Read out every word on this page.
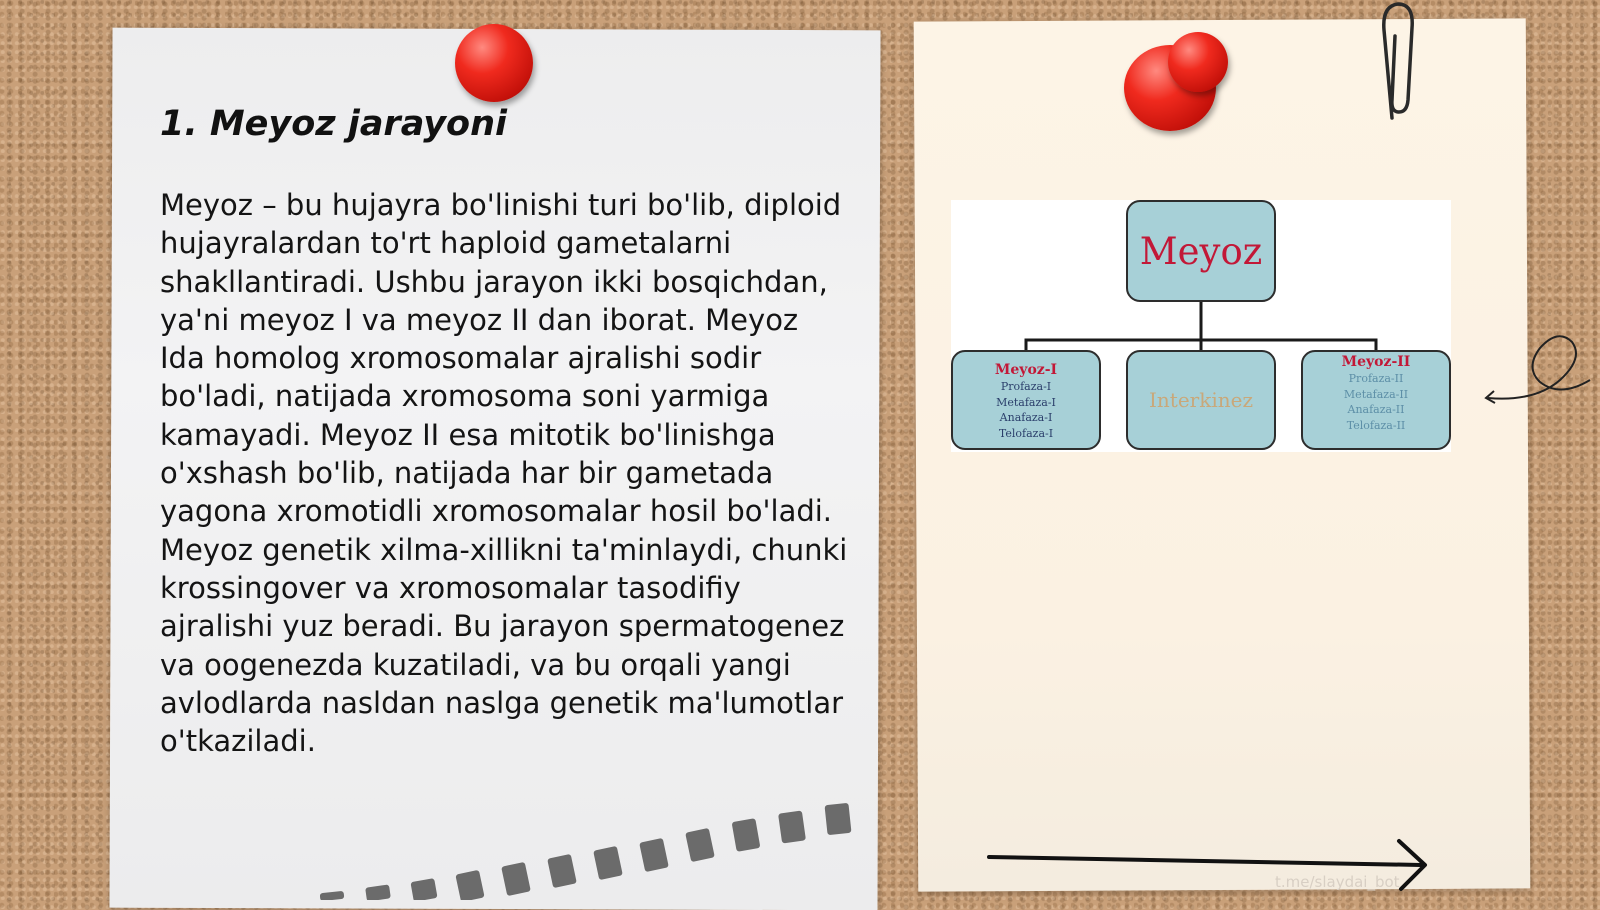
1. Meyoz jarayoni

Meyoz – bu hujayra bo'linishi turi bo'lib, diploid hujayralardan to'rt haploid gametalarni shakllantiradi. Ushbu jarayon ikki bosqichdan, ya'ni meyoz I va meyoz II dan iborat. Meyoz Ida homolog xromosomalar ajralishi sodir bo'ladi, natijada xromosoma soni yarmiga kamayadi. Meyoz II esa mitotik bo'linishga o'xshash bo'lib, natijada har bir gametada yagona xromotidli xromosomalar hosil bo'ladi. Meyoz genetik xilma-xillikni ta'minlaydi, chunki krossingover va xromosomalar tasodifiy ajralishi yuz beradi. Bu jarayon spermatogenez va oogenezda kuzatiladi, va bu orqali yangi avlodlarda nasldan naslga genetik ma'lumotlar o'tkaziladi.

Meyoz
Meyoz-I
Profaza-I
Metafaza-I
Anafaza-I
Telofaza-I
Interkinez
Meyoz-II
Profaza-II
Metafaza-II
Anafaza-II
Telofaza-II
t.me/slaydai_bot
